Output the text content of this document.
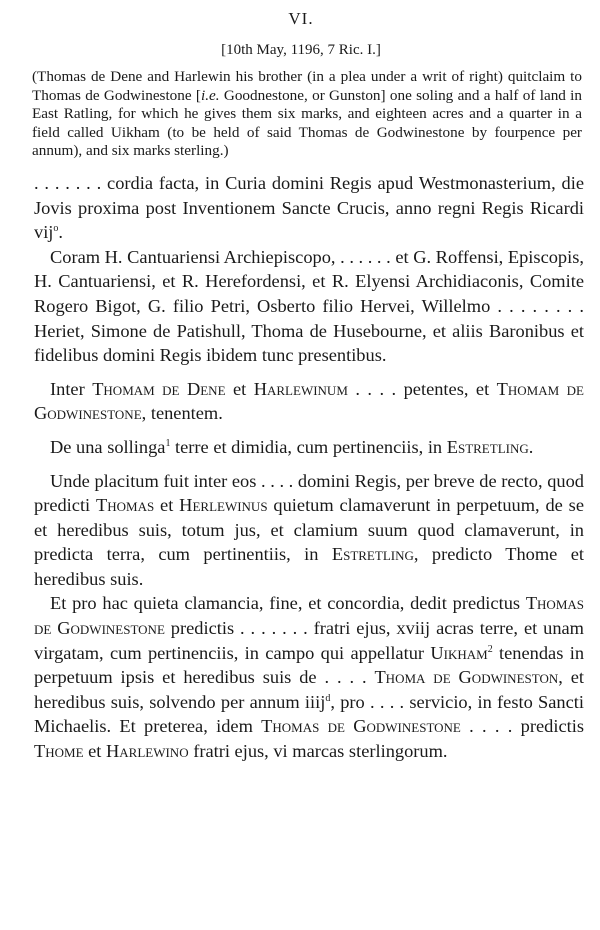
VI.
[10th May, 1196, 7 Ric. I.]

(Thomas de Dene and Harlewin his brother (in a plea under a writ of right) quitclaim to Thomas de Godwinestone [i.e. Goodnestone, or Gunston] one soling and a half of land in East Ratling, for which he gives them six marks, and eighteen acres and a quarter in a field called Uikham (to be held of said Thomas de Godwinestone by fourpence per annum), and six marks sterling.)

. . . . . . . cordia facta, in Curia domini Regis apud Westmonasterium, die Jovis proxima post Inventionem Sancte Crucis, anno regni Regis Ricardi vij$^o$.

Coram H. Cantuariensi Archiepiscopo, . . . . . . et G. Roffensi, Episcopis, H. Cantuariensi, et R. Herefordensi, et R. Elyensi Archidiaconis, Comite Rogero Bigot, G. filio Petri, Osberto filio Hervei, Willelmo . . . . . . . . Heriet, Simone de Patishull, Thoma de Husebourne, et aliis Baronibus et fidelibus domini Regis ibidem tunc presentibus.

Inter Thomam de Dene et Harlewinum . . . . petentes, et Thomam de Godwinestone, tenentem.

De una sollinga$^1$ terre et dimidia, cum pertinenciis, in Estretling.

Unde placitum fuit inter eos . . . . domini Regis, per breve de recto, quod predicti Thomas et Herlewinus quietum clamaverunt in perpetuum, de se et heredibus suis, totum jus, et clamium suum quod clamaverunt, in predicta terra, cum pertinentiis, in Estretling, predicto Thome et heredibus suis.

Et pro hac quieta clamancia, fine, et concordia, dedit predictus Thomas de Godwinestone predictis . . . . . . . fratri ejus, xviij acras terre, et unam virgatam, cum pertinenciis, in campo qui appellatur Uikham$^2$ tenendas in perpetuum ipsis et heredibus suis de . . . . Thoma de Godwineston, et heredibus suis, solvendo per annum iiij$^d$, pro . . . . servicio, in festo Sancti Michaelis. Et preterea, idem Thomas de Godwinestone . . . . predictis Thome et Harlewino fratri ejus, vi marcas sterlingorum.
